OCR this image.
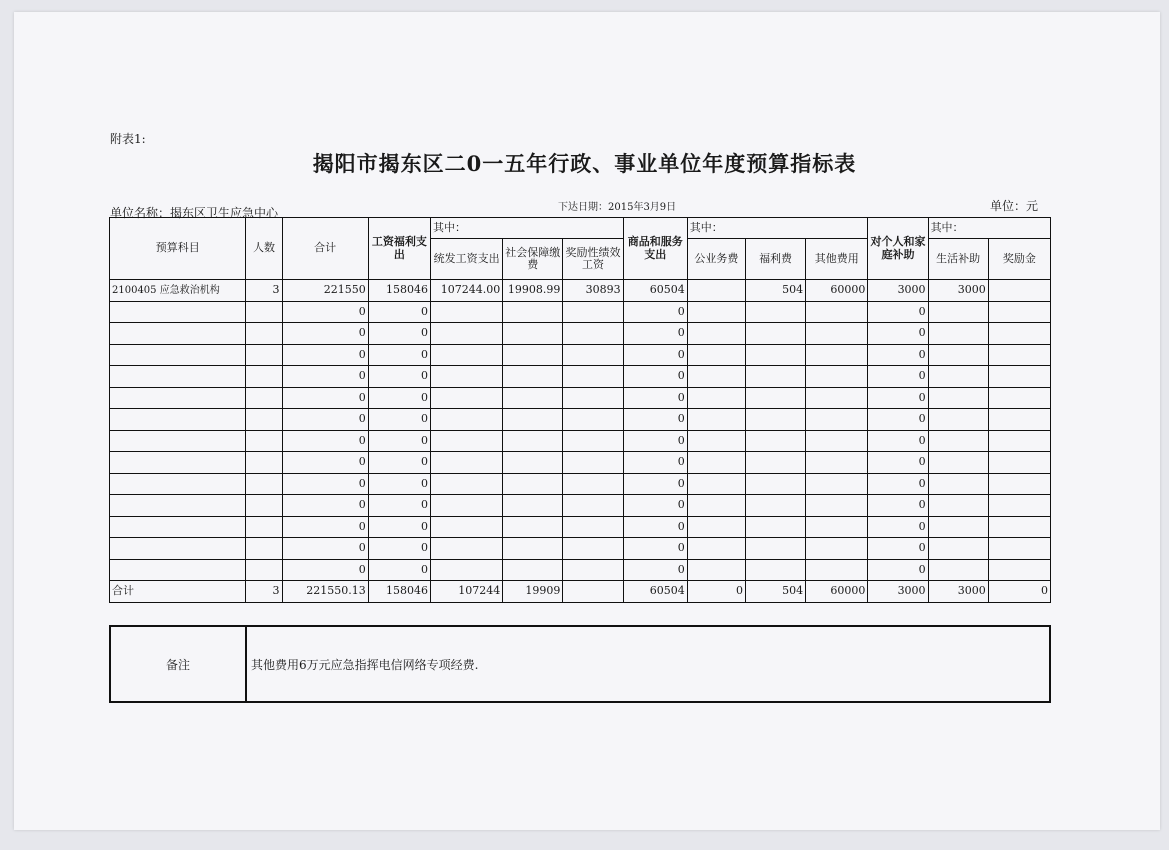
附表1:
揭阳市揭东区二0一五年行政、事业单位年度预算指标表
单位名称：揭东区卫生应急中心	下达日期：2015年3月9日	单位：元
预算科目	人数	合计	工资福利支出	其中：			商品和服务支出	其中：			对个人和家庭补助	其中：	
				统发工资支出	社会保障缴费	奖励性绩效工资		公业务费	福利费	其他费用		生活补助	奖励金
2100405 应急救治机构	3	221550	158046	107244.00	19908.99	30893	60504		504	60000	3000	3000	
		0	0				0				0		
		0	0				0				0		
		0	0				0				0		
		0	0				0				0		
		0	0				0				0		
		0	0				0				0		
		0	0				0				0		
		0	0				0				0		
		0	0				0				0		
		0	0				0				0		
		0	0				0				0		
		0	0				0				0		
		0	0				0				0		
合计	3	221550.13	158046	107244	19909		60504	0	504	60000	3000	3000	0
备注	其他费用6万元应急指挥电信网络专项经费.
